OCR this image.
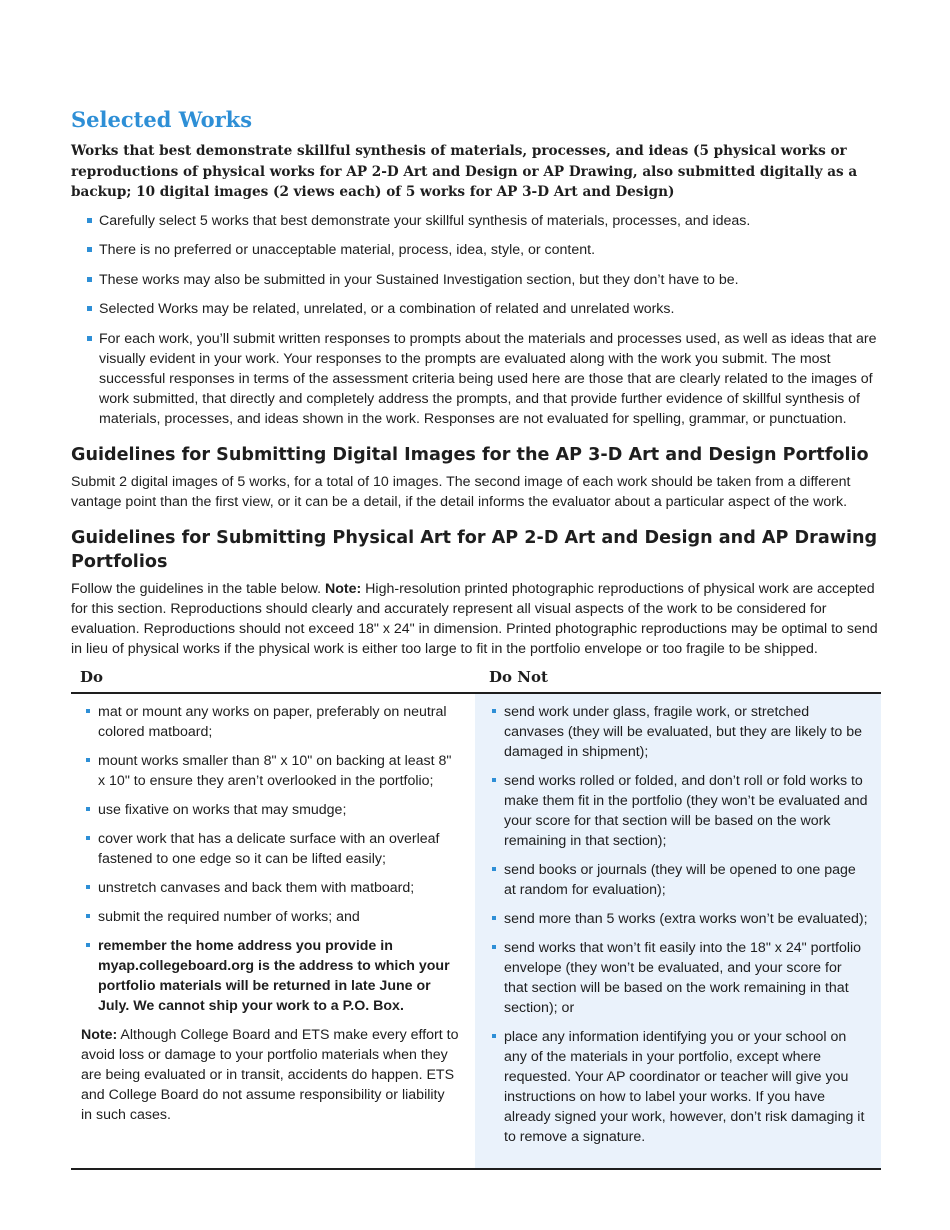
Selected Works

Works that best demonstrate skillful synthesis of materials, processes, and ideas (5 physical works or reproductions of physical works for AP 2-D Art and Design or AP Drawing, also submitted digitally as a backup; 10 digital images (2 views each) of 5 works for AP 3-D Art and Design)

Carefully select 5 works that best demonstrate your skillful synthesis of materials, processes, and ideas.
There is no preferred or unacceptable material, process, idea, style, or content.
These works may also be submitted in your Sustained Investigation section, but they don’t have to be.
Selected Works may be related, unrelated, or a combination of related and unrelated works.
For each work, you’ll submit written responses to prompts about the materials and processes used, as well as ideas that are visually evident in your work. Your responses to the prompts are evaluated along with the work you submit. The most successful responses in terms of the assessment criteria being used here are those that are clearly related to the images of work submitted, that directly and completely address the prompts, and that provide further evidence of skillful synthesis of materials, processes, and ideas shown in the work. Responses are not evaluated for spelling, grammar, or punctuation.
Guidelines for Submitting Digital Images for the AP 3-D Art and Design Portfolio

Submit 2 digital images of 5 works, for a total of 10 images. The second image of each work should be taken from a different vantage point than the first view, or it can be a detail, if the detail informs the evaluator about a particular aspect of the work.

Guidelines for Submitting Physical Art for AP 2-D Art and Design and AP Drawing Portfolios

Follow the guidelines in the table below. Note: High-resolution printed photographic reproductions of physical work are accepted for this section. Reproductions should clearly and accurately represent all visual aspects of the work to be considered for evaluation. Reproductions should not exceed 18" x 24" in dimension. Printed photographic reproductions may be optimal to send in lieu of physical works if the physical work is either too large to fit in the portfolio envelope or too fragile to be shipped.

Do	Do Not
mat or mount any works on paper, preferably on neutral colored matboard;
mount works smaller than 8" x 10" on backing at least 8" x 10" to ensure they aren’t overlooked in the portfolio;
use fixative on works that may smudge;
cover work that has a delicate surface with an overleaf fastened to one edge so it can be lifted easily;
unstretch canvases and back them with matboard;
submit the required number of works; and
remember the home address you provide in myap.collegeboard.org is the address to which your portfolio materials will be returned in late June or July. We cannot ship your work to a P.O. Box.

Note: Although College Board and ETS make every effort to avoid loss or damage to your portfolio materials when they are being evaluated or in transit, accidents do happen. ETS and College Board do not assume responsibility or liability in such cases.

send work under glass, fragile work, or stretched canvases (they will be evaluated, but they are likely to be damaged in shipment);
send works rolled or folded, and don’t roll or fold works to make them fit in the portfolio (they won’t be evaluated and your score for that section will be based on the work remaining in that section);
send books or journals (they will be opened to one page at random for evaluation);
send more than 5 works (extra works won’t be evaluated);
send works that won’t fit easily into the 18" x 24" portfolio envelope (they won’t be evaluated, and your score for that section will be based on the work remaining in that section); or
place any information identifying you or your school on any of the materials in your portfolio, except where requested. Your AP coordinator or teacher will give you instructions on how to label your works. If you have already signed your work, however, don’t risk damaging it to remove a signature.
